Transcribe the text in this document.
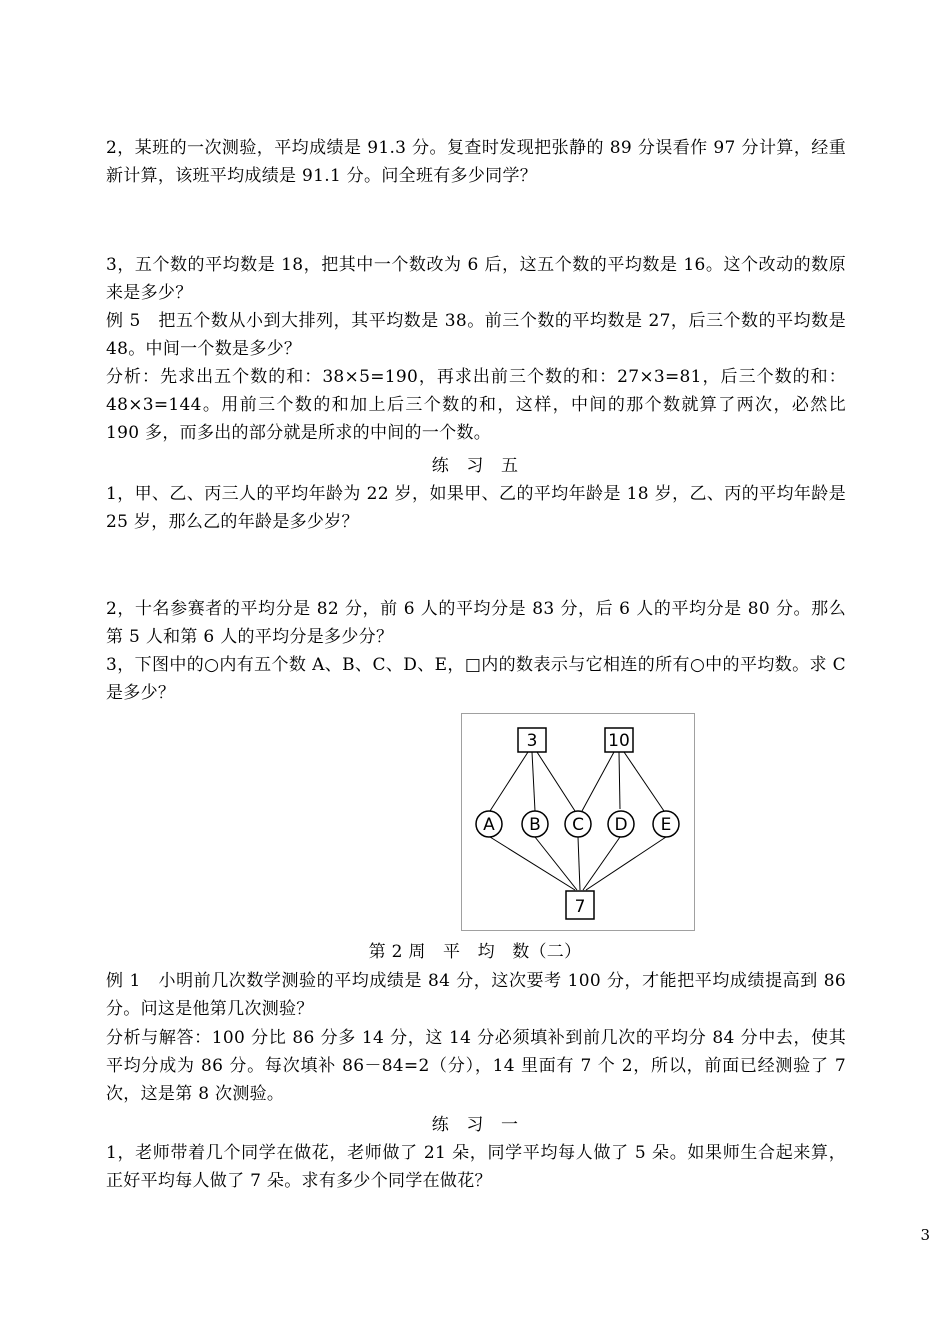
2，某班的一次测验，平均成绩是 91.3 分。复查时发现把张静的 89 分误看作 97 分计算，经重新计算，该班平均成绩是 91.1 分。问全班有多少同学？
3，五个数的平均数是 18，把其中一个数改为 6 后，这五个数的平均数是 16。这个改动的数原来是多少？
例 5　把五个数从小到大排列，其平均数是 38。前三个数的平均数是 27，后三个数的平均数是 48。中间一个数是多少？
分析：先求出五个数的和：38×5=190，再求出前三个数的和：27×3=81，后三个数的和：48×3=144。用前三个数的和加上后三个数的和，这样，中间的那个数就算了两次，必然比 190 多，而多出的部分就是所求的中间的一个数。
练　习　五
1，甲、乙、丙三人的平均年龄为 22 岁，如果甲、乙的平均年龄是 18 岁，乙、丙的平均年龄是 25 岁，那么乙的年龄是多少岁？
2，十名参赛者的平均分是 82 分，前 6 人的平均分是 83 分，后 6 人的平均分是 80 分。那么第 5 人和第 6 人的平均分是多少分？
3，下图中的○内有五个数 A、B、C、D、E，□内的数表示与它相连的所有○中的平均数。求 C 是多少？
3	10
A B C D E
7
第 2 周　平　均　数（二）
例 1　小明前几次数学测验的平均成绩是 84 分，这次要考 100 分，才能把平均成绩提高到 86 分。问这是他第几次测验？
分析与解答：100 分比 86 分多 14 分，这 14 分必须填补到前几次的平均分 84 分中去，使其平均分成为 86 分。每次填补 86－84=2（分），14 里面有 7 个 2，所以，前面已经测验了 7 次，这是第 8 次测验。
练　习　一
1，老师带着几个同学在做花，老师做了 21 朵，同学平均每人做了 5 朵。如果师生合起来算，正好平均每人做了 7 朵。求有多少个同学在做花？
3
